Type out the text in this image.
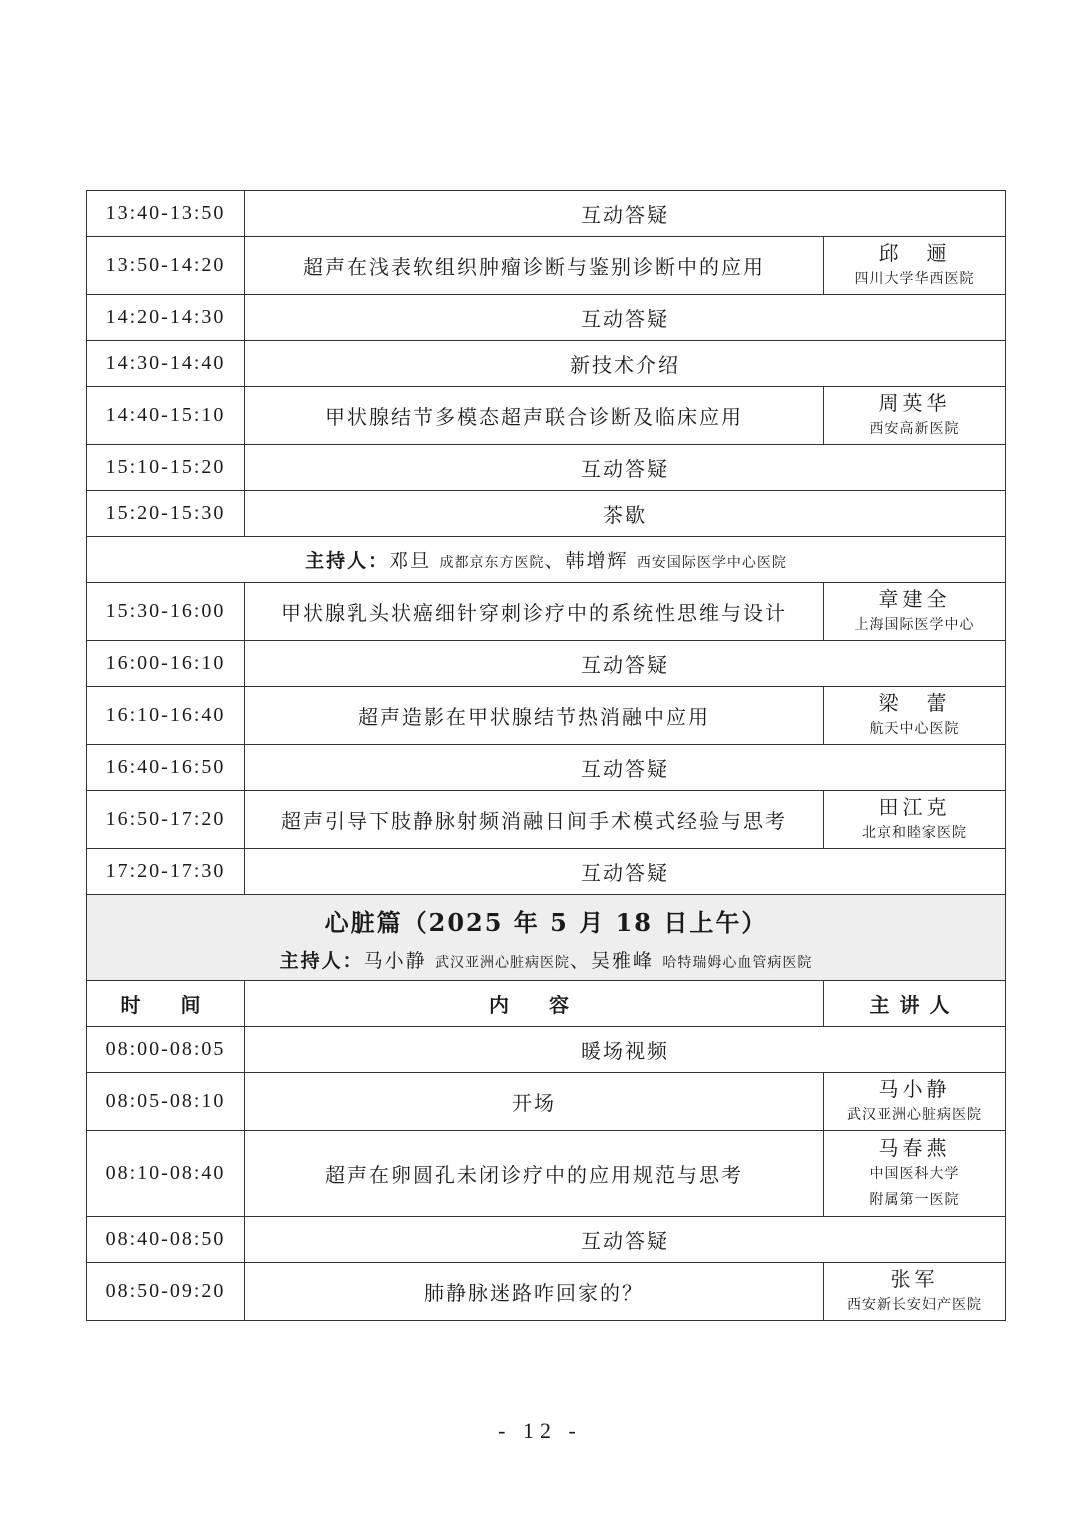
13:40-13:50	互动答疑	
13:50-14:20	超声在浅表软组织肿瘤诊断与鉴别诊断中的应用	邱　逦
四川大学华西医院

14:20-14:30	互动答疑	
14:30-14:40	新技术介绍	
14:40-15:10	甲状腺结节多模态超声联合诊断及临床应用	周英华
西安高新医院

15:10-15:20	互动答疑	
15:20-15:30	茶歇	
主持人：邓旦 成都京东方医院、韩增辉 西安国际医学中心医院		
15:30-16:00	甲状腺乳头状癌细针穿刺诊疗中的系统性思维与设计	章建全
上海国际医学中心

16:00-16:10	互动答疑	
16:10-16:40	超声造影在甲状腺结节热消融中应用	梁　蕾
航天中心医院

16:40-16:50	互动答疑	
16:50-17:20	超声引导下肢静脉射频消融日间手术模式经验与思考	田江克
北京和睦家医院

17:20-17:30	互动答疑	

心脏篇（2025 年 5 月 18 日上午）
主持人：马小静 武汉亚洲心脏病医院、吴雅峰 哈特瑞姆心血管病医院		

时　间	内　容	主讲人
08:00-08:05	暖场视频	
08:05-08:10	开场	马小静
武汉亚洲心脏病医院

08:10-08:40	超声在卵圆孔未闭诊疗中的应用规范与思考	马春燕
中国医科大学
附属第一医院

08:40-08:50	互动答疑	
08:50-09:20	肺静脉迷路咋回家的？	张军
西安新长安妇产医院
- 12 -
